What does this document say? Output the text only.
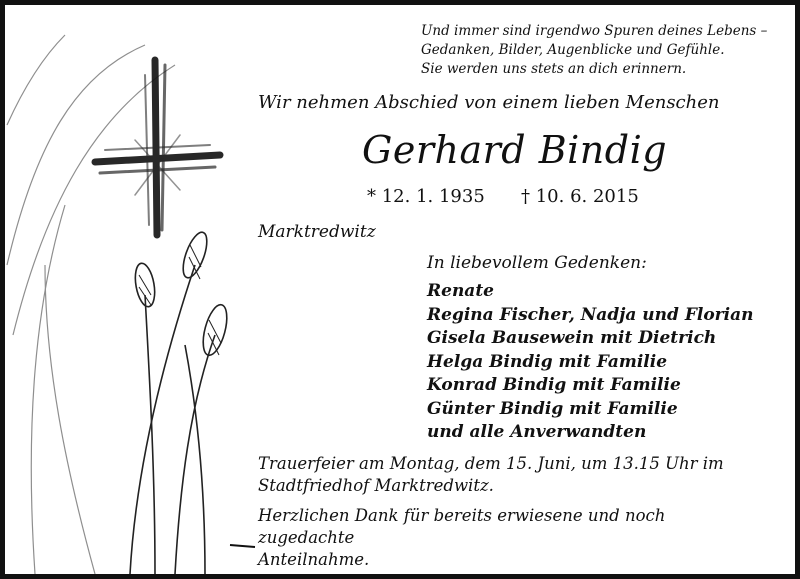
Und immer sind irgendwo Spuren deines Lebens –
Gedanken, Bilder, Augenblicke und Gefühle.
Sie werden uns stets an dich erinnern.
Wir nehmen Abschied von einem lieben Menschen
Gerhard Bindig
* 12. 1. 1935 † 10. 6. 2015
Marktredwitz
In liebevollem Gedenken:
Renate
Regina Fischer, Nadja und Florian
Gisela Bausewein mit Dietrich
Helga Bindig mit Familie
Konrad Bindig mit Familie
Günter Bindig mit Familie
und alle Anverwandten
Trauerfeier am Montag, dem 15. Juni, um 13.15 Uhr im
Stadtfriedhof Marktredwitz.
Herzlichen Dank für bereits erwiesene und noch zugedachte
Anteilnahme.
